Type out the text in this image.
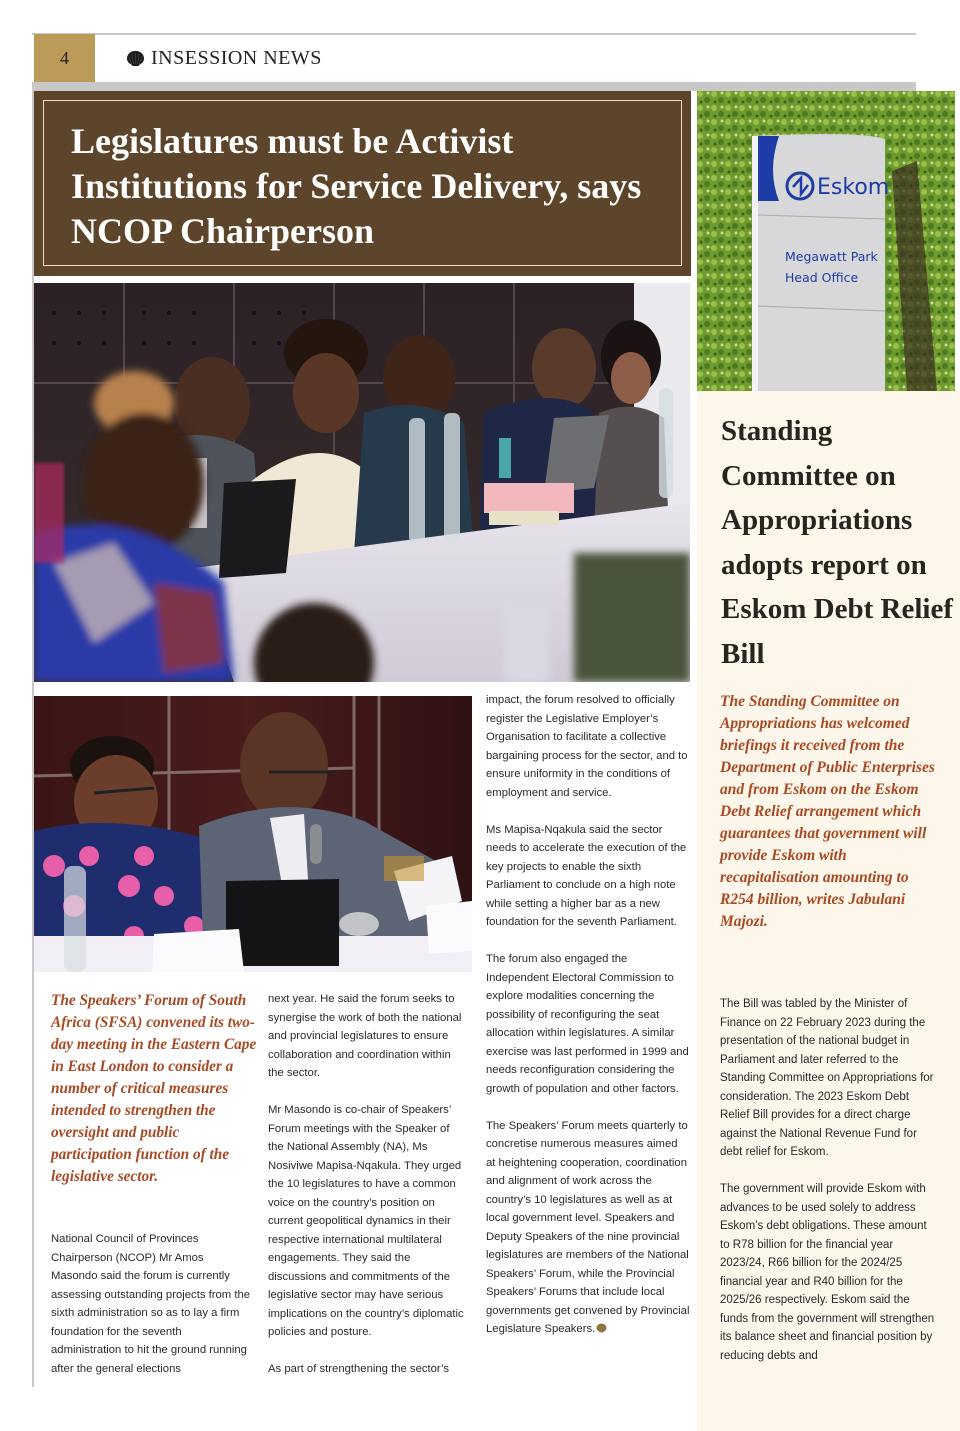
4	INSESSION NEWS
Legislatures must be Activist Institutions for Service Delivery, says NCOP Chairperson
Eskom
Megawatt Park
Head Office
The Speakers’ Forum of South Africa (SFSA) convened its two-day meeting in the Eastern Cape in East London to consider a number of critical measures intended to strengthen the oversight and public participation function of the legislative sector.

National Council of Provinces Chairperson (NCOP) Mr Amos Masondo said the forum is currently assessing outstanding projects from the sixth administration so as to lay a firm foundation for the seventh administration to hit the ground running after the general elections

next year. He said the forum seeks to synergise the work of both the national and provincial legislatures to ensure collaboration and coordination within the sector.

Mr Masondo is co-chair of Speakers’ Forum meetings with the Speaker of the National Assembly (NA), Ms Nosiviwe Mapisa-Nqakula. They urged the 10 legislatures to have a common voice on the country’s position on current geopolitical dynamics in their respective international multilateral engagements. They said the discussions and commitments of the legislative sector may have serious implications on the country’s diplomatic policies and posture.

As part of strengthening the sector’s

impact, the forum resolved to officially register the Legislative Employer’s Organisation to facilitate a collective bargaining process for the sector, and to ensure uniformity in the conditions of employment and service.

Ms Mapisa-Nqakula said the sector needs to accelerate the execution of the key projects to enable the sixth Parliament to conclude on a high note while setting a higher bar as a new foundation for the seventh Parliament.

The forum also engaged the Independent Electoral Commission to explore modalities concerning the possibility of reconfiguring the seat allocation within legislatures. A similar exercise was last performed in 1999 and needs reconfiguration considering the growth of population and other factors.

The Speakers’ Forum meets quarterly to concretise numerous measures aimed at heightening cooperation, coordination and alignment of work across the country’s 10 legislatures as well as at local government level. Speakers and Deputy Speakers of the nine provincial legislatures are members of the National Speakers’ Forum, while the Provincial Speakers’ Forums that include local governments get convened by Provincial Legislature Speakers.

Standing Committee on Appropriations adopts report on Eskom Debt Relief Bill
The Standing Committee on Appropriations has welcomed briefings it received from the Department of Public Enterprises and from Eskom on the Eskom Debt Relief arrangement which guarantees that government will provide Eskom with recapitalisation amounting to R254 billion, writes Jabulani Majozi.

The Bill was tabled by the Minister of Finance on 22 February 2023 during the presentation of the national budget in Parliament and later referred to the Standing Committee on Appropriations for consideration. The 2023 Eskom Debt Relief Bill provides for a direct charge against the National Revenue Fund for debt relief for Eskom.

The government will provide Eskom with advances to be used solely to address Eskom’s debt obligations. These amount to R78 billion for the financial year 2023/24, R66 billion for the 2024/25 financial year and R40 billion for the 2025/26 respectively. Eskom said the funds from the government will strengthen its balance sheet and financial position by reducing debts and
